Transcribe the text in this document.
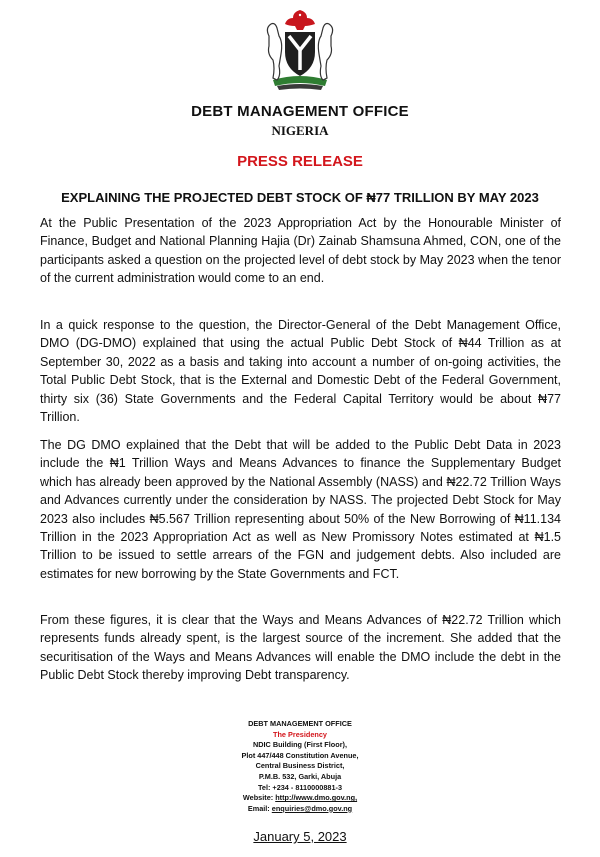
DEBT MANAGEMENT OFFICE
NIGERIA
PRESS RELEASE
EXPLAINING THE PROJECTED DEBT STOCK OF ₦77 TRILLION BY MAY 2023

At the Public Presentation of the 2023 Appropriation Act by the Honourable Minister of Finance, Budget and National Planning Hajia (Dr) Zainab Shamsuna Ahmed, CON, one of the participants asked a question on the projected level of debt stock by May 2023 when the tenor of the current administration would come to an end.

In a quick response to the question, the Director-General of the Debt Management Office, DMO (DG-DMO) explained that using the actual Public Debt Stock of ₦44 Trillion as at September 30, 2022 as a basis and taking into account a number of on-going activities, the Total Public Debt Stock, that is the External and Domestic Debt of the Federal Government, thirty six (36) State Governments and the Federal Capital Territory would be about ₦77 Trillion.

The DG DMO explained that the Debt that will be added to the Public Debt Data in 2023 include the ₦1 Trillion Ways and Means Advances to finance the Supplementary Budget which has already been approved by the National Assembly (NASS) and ₦22.72 Trillion Ways and Advances currently under the consideration by NASS. The projected Debt Stock for May 2023 also includes ₦5.567 Trillion representing about 50% of the New Borrowing of ₦11.134 Trillion in the 2023 Appropriation Act as well as New Promissory Notes estimated at ₦1.5 Trillion to be issued to settle arrears of the FGN and judgement debts. Also included are estimates for new borrowing by the State Governments and FCT.

From these figures, it is clear that the Ways and Means Advances of ₦22.72 Trillion which represents funds already spent, is the largest source of the increment. She added that the securitisation of the Ways and Means Advances will enable the DMO include the debt in the Public Debt Stock thereby improving Debt transparency.

DEBT MANAGEMENT OFFICE
The Presidency
NDIC Building (First Floor),
Plot 447/448 Constitution Avenue,
Central Business District,
P.M.B. 532, Garki, Abuja
Tel: +234 - 8110000881-3
Website: http://www.dmo.gov.ng,
Email: enquiries@dmo.gov.ng
January 5, 2023
